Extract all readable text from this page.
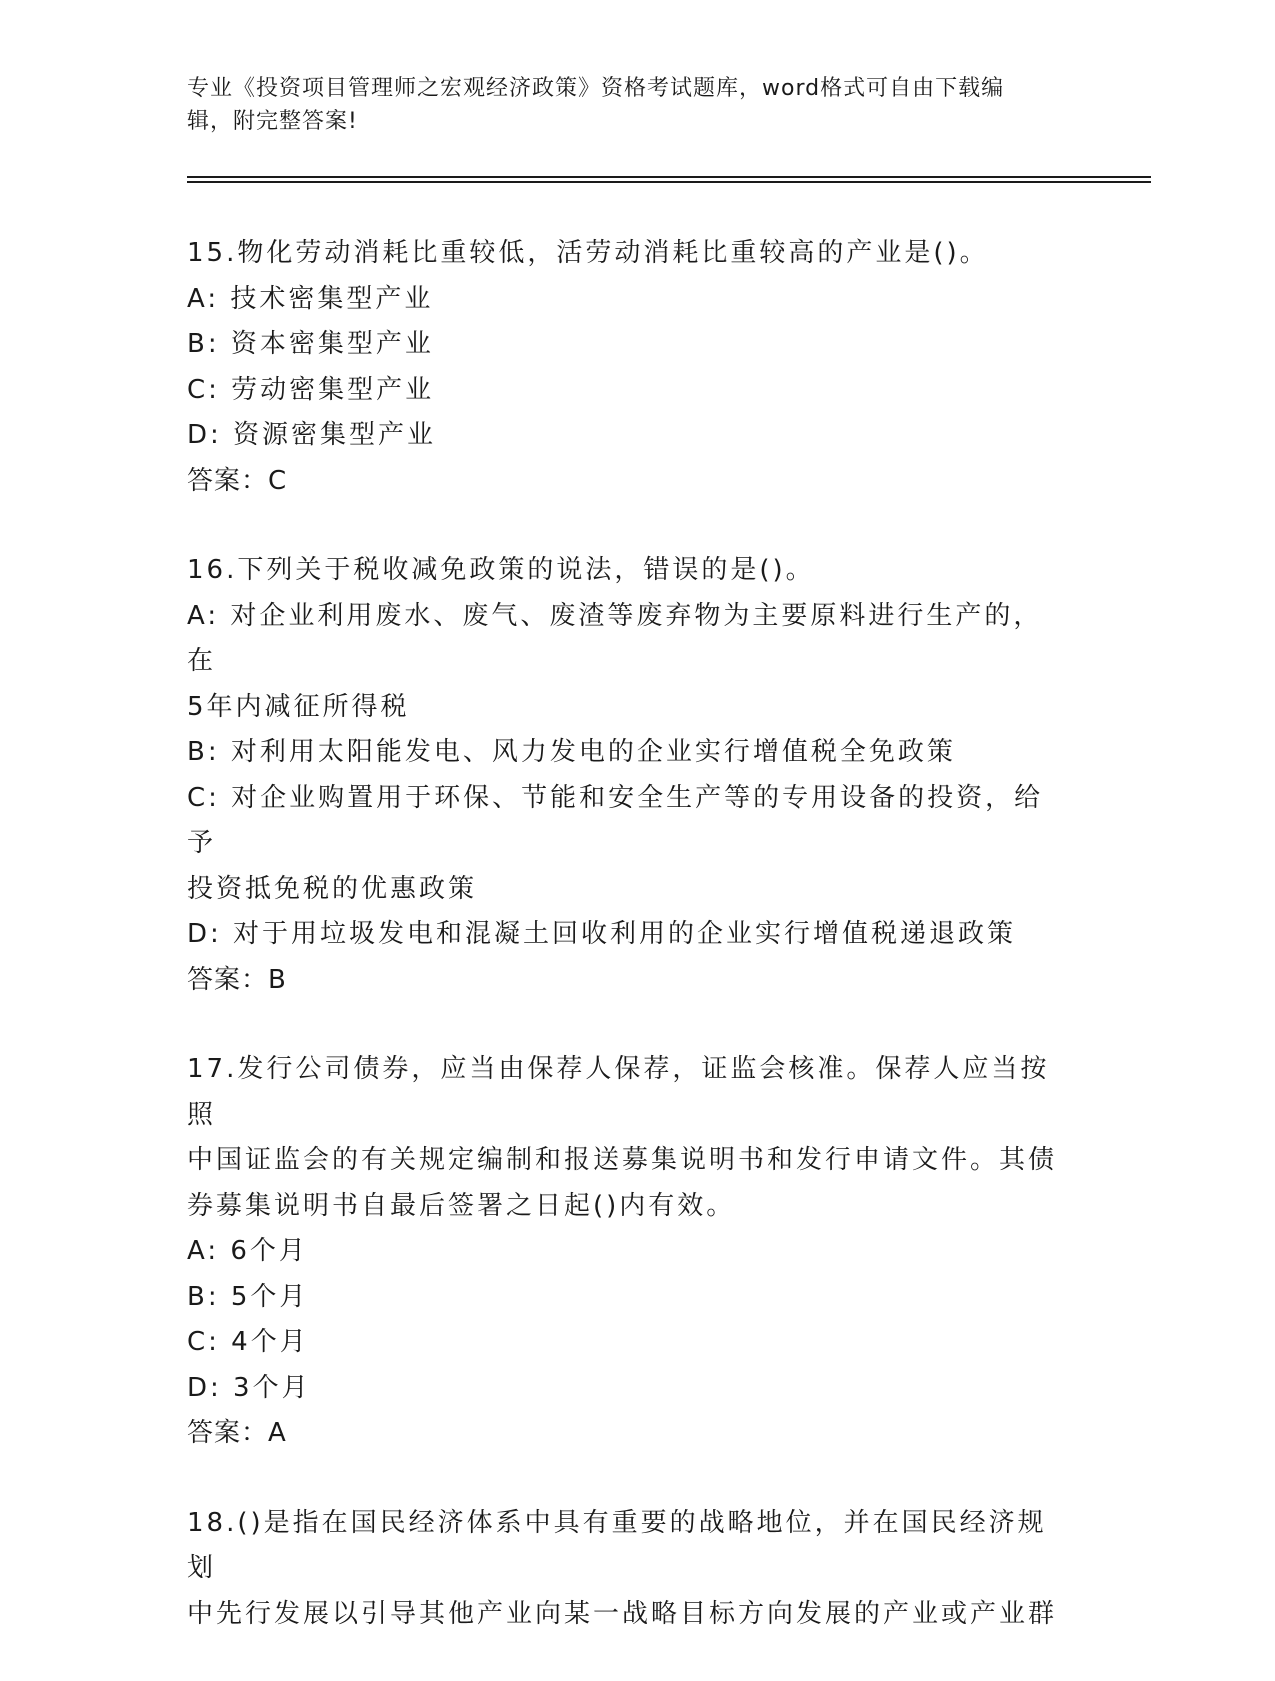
专业《投资项目管理师之宏观经济政策》资格考试题库，word格式可自由下载编
辑，附完整答案!
15.物化劳动消耗比重较低，活劳动消耗比重较高的产业是()。
A: 技术密集型产业
B: 资本密集型产业
C: 劳动密集型产业
D: 资源密集型产业
答案：C
16.下列关于税收减免政策的说法，错误的是()。
A: 对企业利用废水、废气、废渣等废弃物为主要原料进行生产的，在
5年内减征所得税
B: 对利用太阳能发电、风力发电的企业实行增值税全免政策
C: 对企业购置用于环保、节能和安全生产等的专用设备的投资，给予
投资抵免税的优惠政策
D: 对于用垃圾发电和混凝土回收利用的企业实行增值税递退政策
答案：B
17.发行公司债券，应当由保荐人保荐，证监会核准。保荐人应当按照
中国证监会的有关规定编制和报送募集说明书和发行申请文件。其债
券募集说明书自最后签署之日起()内有效。
A: 6个月
B: 5个月
C: 4个月
D: 3个月
答案：A
18.()是指在国民经济体系中具有重要的战略地位，并在国民经济规划
中先行发展以引导其他产业向某一战略目标方向发展的产业或产业群
